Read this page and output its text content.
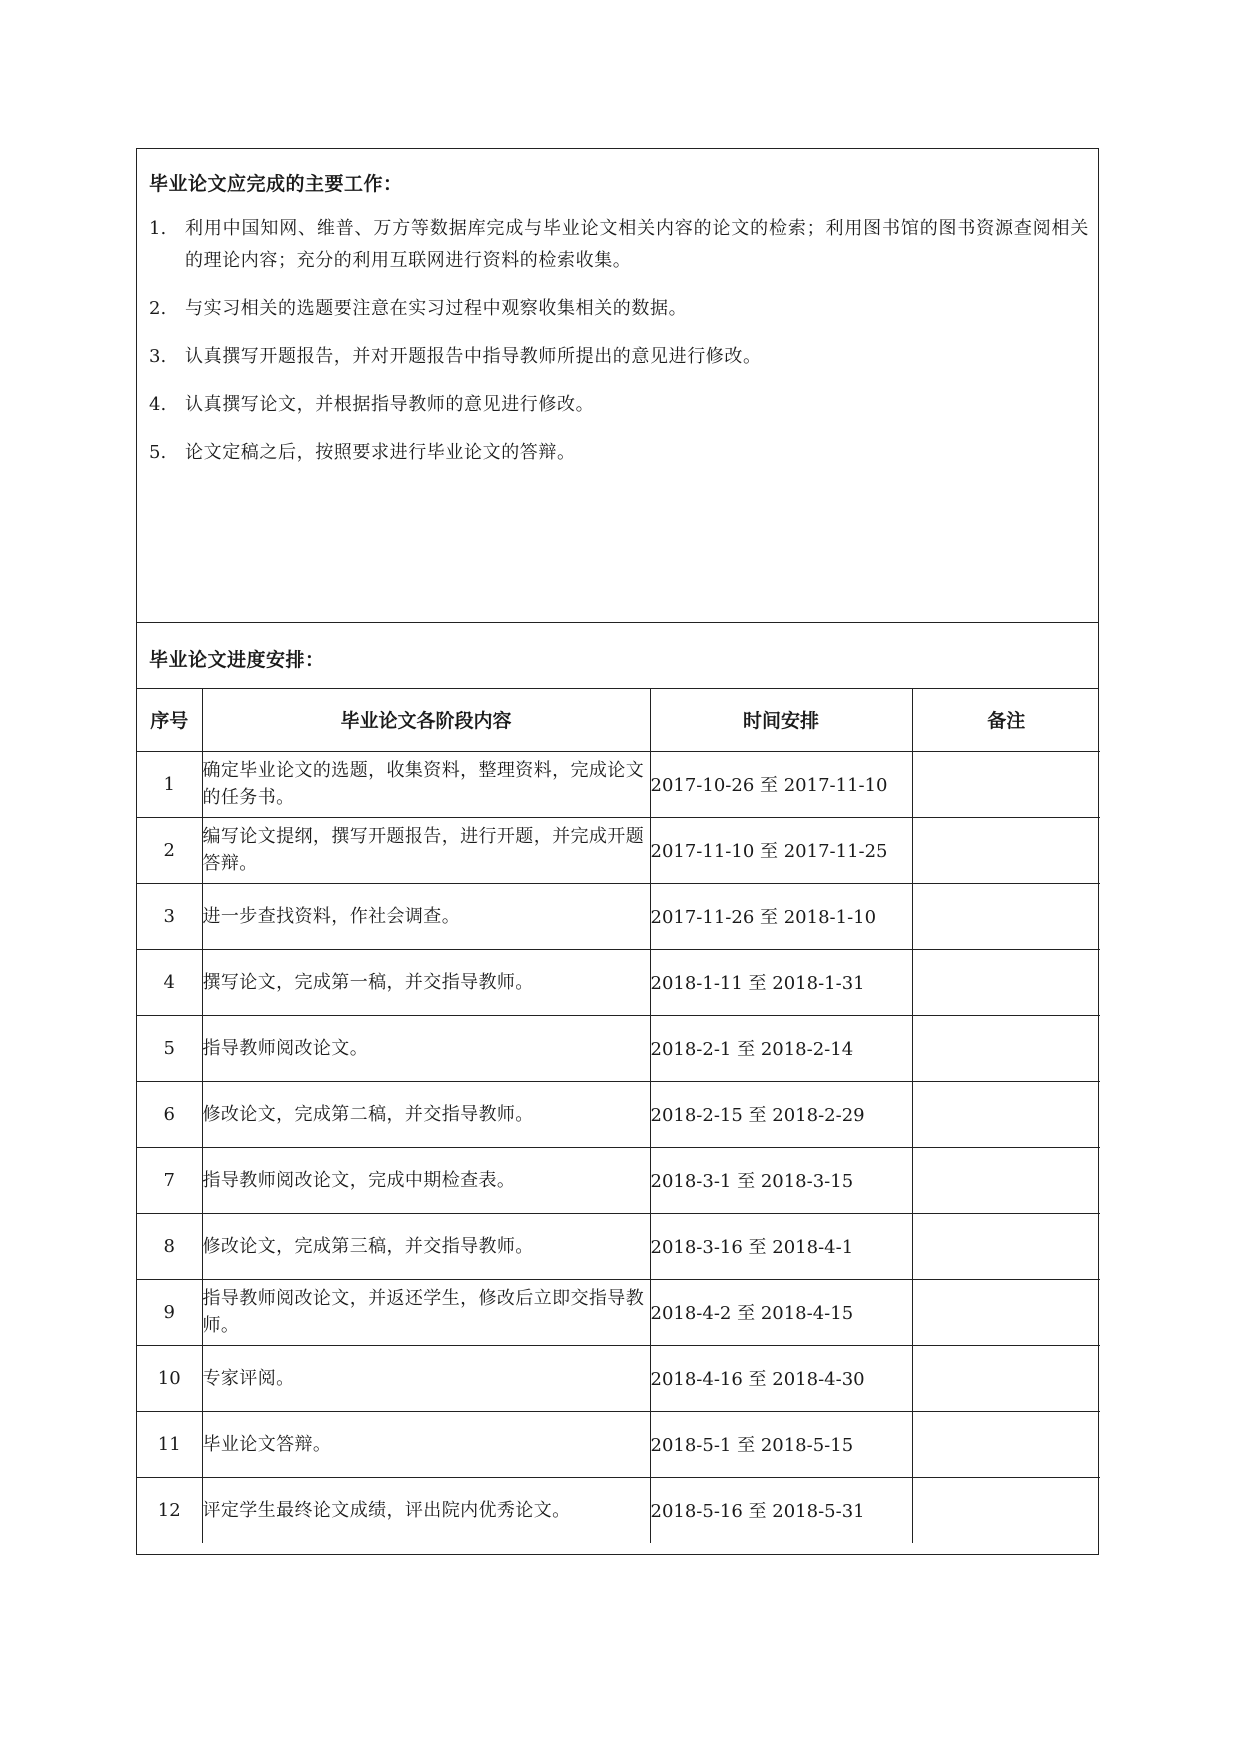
毕业论文应完成的主要工作：
1.	利用中国知网、维普、万方等数据库完成与毕业论文相关内容的论文的检索；利用图书馆的图书资源查阅相关的理论内容；充分的利用互联网进行资料的检索收集。
2.	与实习相关的选题要注意在实习过程中观察收集相关的数据。
3.	认真撰写开题报告，并对开题报告中指导教师所提出的意见进行修改。
4.	认真撰写论文，并根据指导教师的意见进行修改。
5.	论文定稿之后，按照要求进行毕业论文的答辩。
毕业论文进度安排：
序号	毕业论文各阶段内容	时间安排	备注
1	确定毕业论文的选题，收集资料，整理资料，完成论文的任务书。	2017-10-26 至 2017-11-10	
2	编写论文提纲，撰写开题报告，进行开题，并完成开题答辩。	2017-11-10 至 2017-11-25	
3	进一步查找资料，作社会调查。	2017-11-26 至 2018-1-10	
4	撰写论文，完成第一稿，并交指导教师。	2018-1-11 至 2018-1-31	
5	指导教师阅改论文。	2018-2-1 至 2018-2-14	
6	修改论文，完成第二稿，并交指导教师。	2018-2-15 至 2018-2-29	
7	指导教师阅改论文，完成中期检查表。	2018-3-1 至 2018-3-15	
8	修改论文，完成第三稿，并交指导教师。	2018-3-16 至 2018-4-1	
9	指导教师阅改论文，并返还学生，修改后立即交指导教师。	2018-4-2 至 2018-4-15	
10	专家评阅。	2018-4-16 至 2018-4-30	
11	毕业论文答辩。	2018-5-1 至 2018-5-15	
12	评定学生最终论文成绩，评出院内优秀论文。	2018-5-16 至 2018-5-31	
